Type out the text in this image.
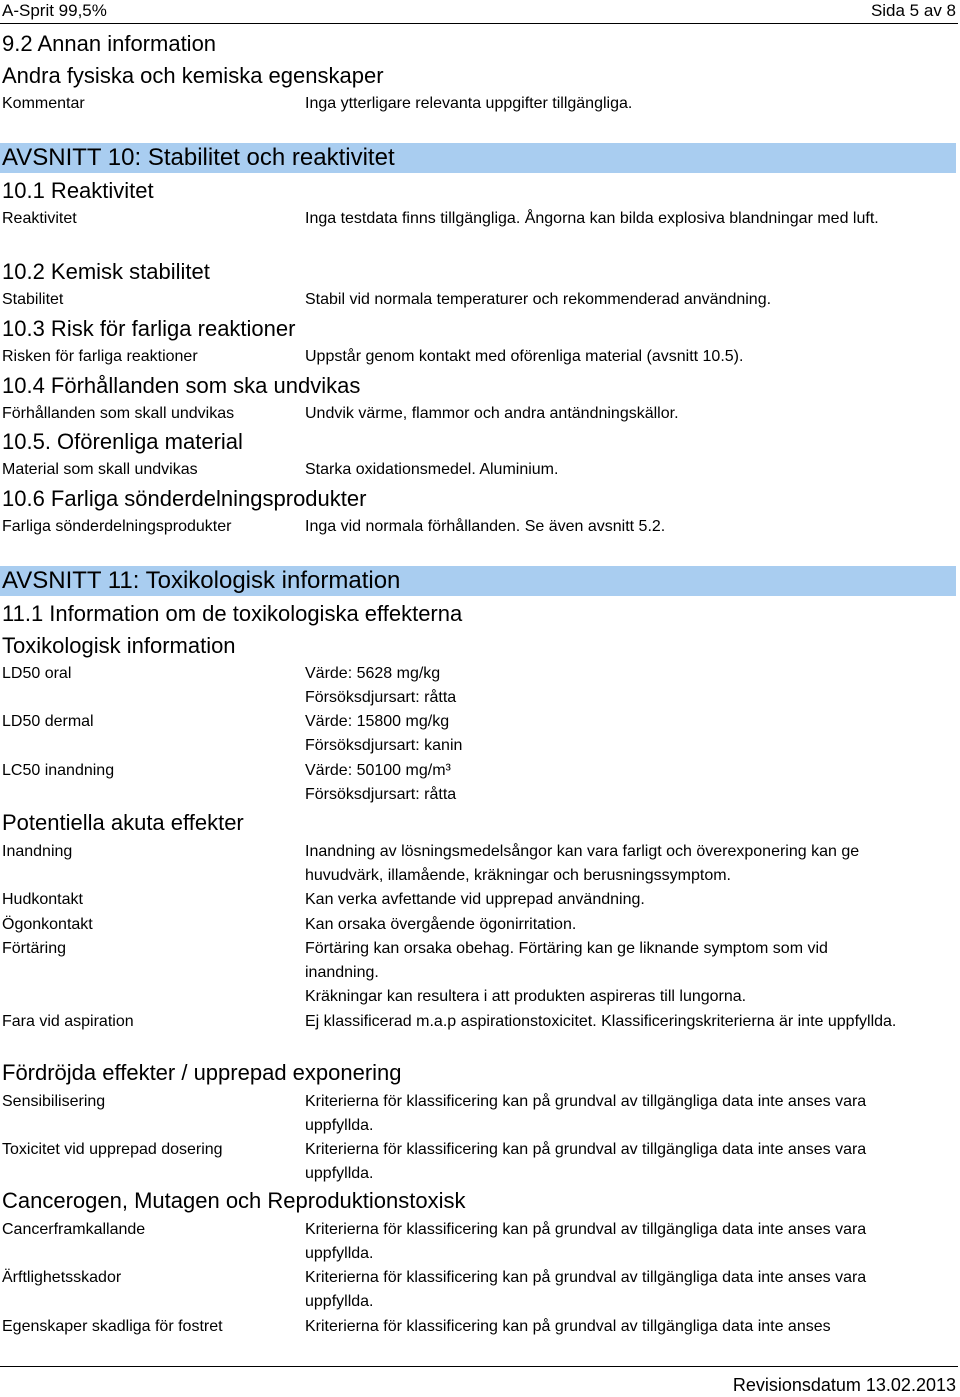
A-Sprit 99,5%	Sida 5 av 8
9.2 Annan information
Andra fysiska och kemiska egenskaper
Kommentar	Inga ytterligare relevanta uppgifter tillgängliga.
AVSNITT 10: Stabilitet och reaktivitet
10.1 Reaktivitet
Reaktivitet	Inga testdata finns tillgängliga. Ångorna kan bilda explosiva blandningar med luft.
10.2 Kemisk stabilitet
Stabilitet	Stabil vid normala temperaturer och rekommenderad användning.
10.3 Risk för farliga reaktioner
Risken för farliga reaktioner	Uppstår genom kontakt med oförenliga material (avsnitt 10.5).
10.4 Förhållanden som ska undvikas
Förhållanden som skall undvikas	Undvik värme, flammor och andra antändningskällor.
10.5. Oförenliga material
Material som skall undvikas	Starka oxidationsmedel. Aluminium.
10.6 Farliga sönderdelningsprodukter
Farliga sönderdelningsprodukter	Inga vid normala förhållanden. Se även avsnitt 5.2.
AVSNITT 11: Toxikologisk information
11.1 Information om de toxikologiska effekterna
Toxikologisk information
LD50 oral	Värde: 5628 mg/kg

Försöksdjursart: råtta

LD50 dermal	Värde: 15800 mg/kg

Försöksdjursart: kanin

LC50 inandning	Värde: 50100 mg/m³

Försöksdjursart: råtta

Potentiella akuta effekter
Inandning	Inandning av lösningsmedelsångor kan vara farligt och överexponering kan ge huvudvärk, illamående, kräkningar och berusningssymptom.
Hudkontakt	Kan verka avfettande vid upprepad användning.
Ögonkontakt	Kan orsaka övergående ögonirritation.
Förtäring	Förtäring kan orsaka obehag. Förtäring kan ge liknande symptom som vid inandning.

Kräkningar kan resultera i att produkten aspireras till lungorna.

Fara vid aspiration	Ej klassificerad m.a.p aspirationstoxicitet. Klassificeringskriterierna är inte uppfyllda.
Fördröjda effekter / upprepad exponering
Sensibilisering	Kriterierna för klassificering kan på grundval av tillgängliga data inte anses vara uppfyllda.
Toxicitet vid upprepad dosering	Kriterierna för klassificering kan på grundval av tillgängliga data inte anses vara uppfyllda.
Cancerogen, Mutagen och Reproduktionstoxisk
Cancerframkallande	Kriterierna för klassificering kan på grundval av tillgängliga data inte anses vara uppfyllda.
Ärftlighetsskador	Kriterierna för klassificering kan på grundval av tillgängliga data inte anses vara uppfyllda.
Egenskaper skadliga för fostret	Kriterierna för klassificering kan på grundval av tillgängliga data inte anses
Revisionsdatum 13.02.2013
